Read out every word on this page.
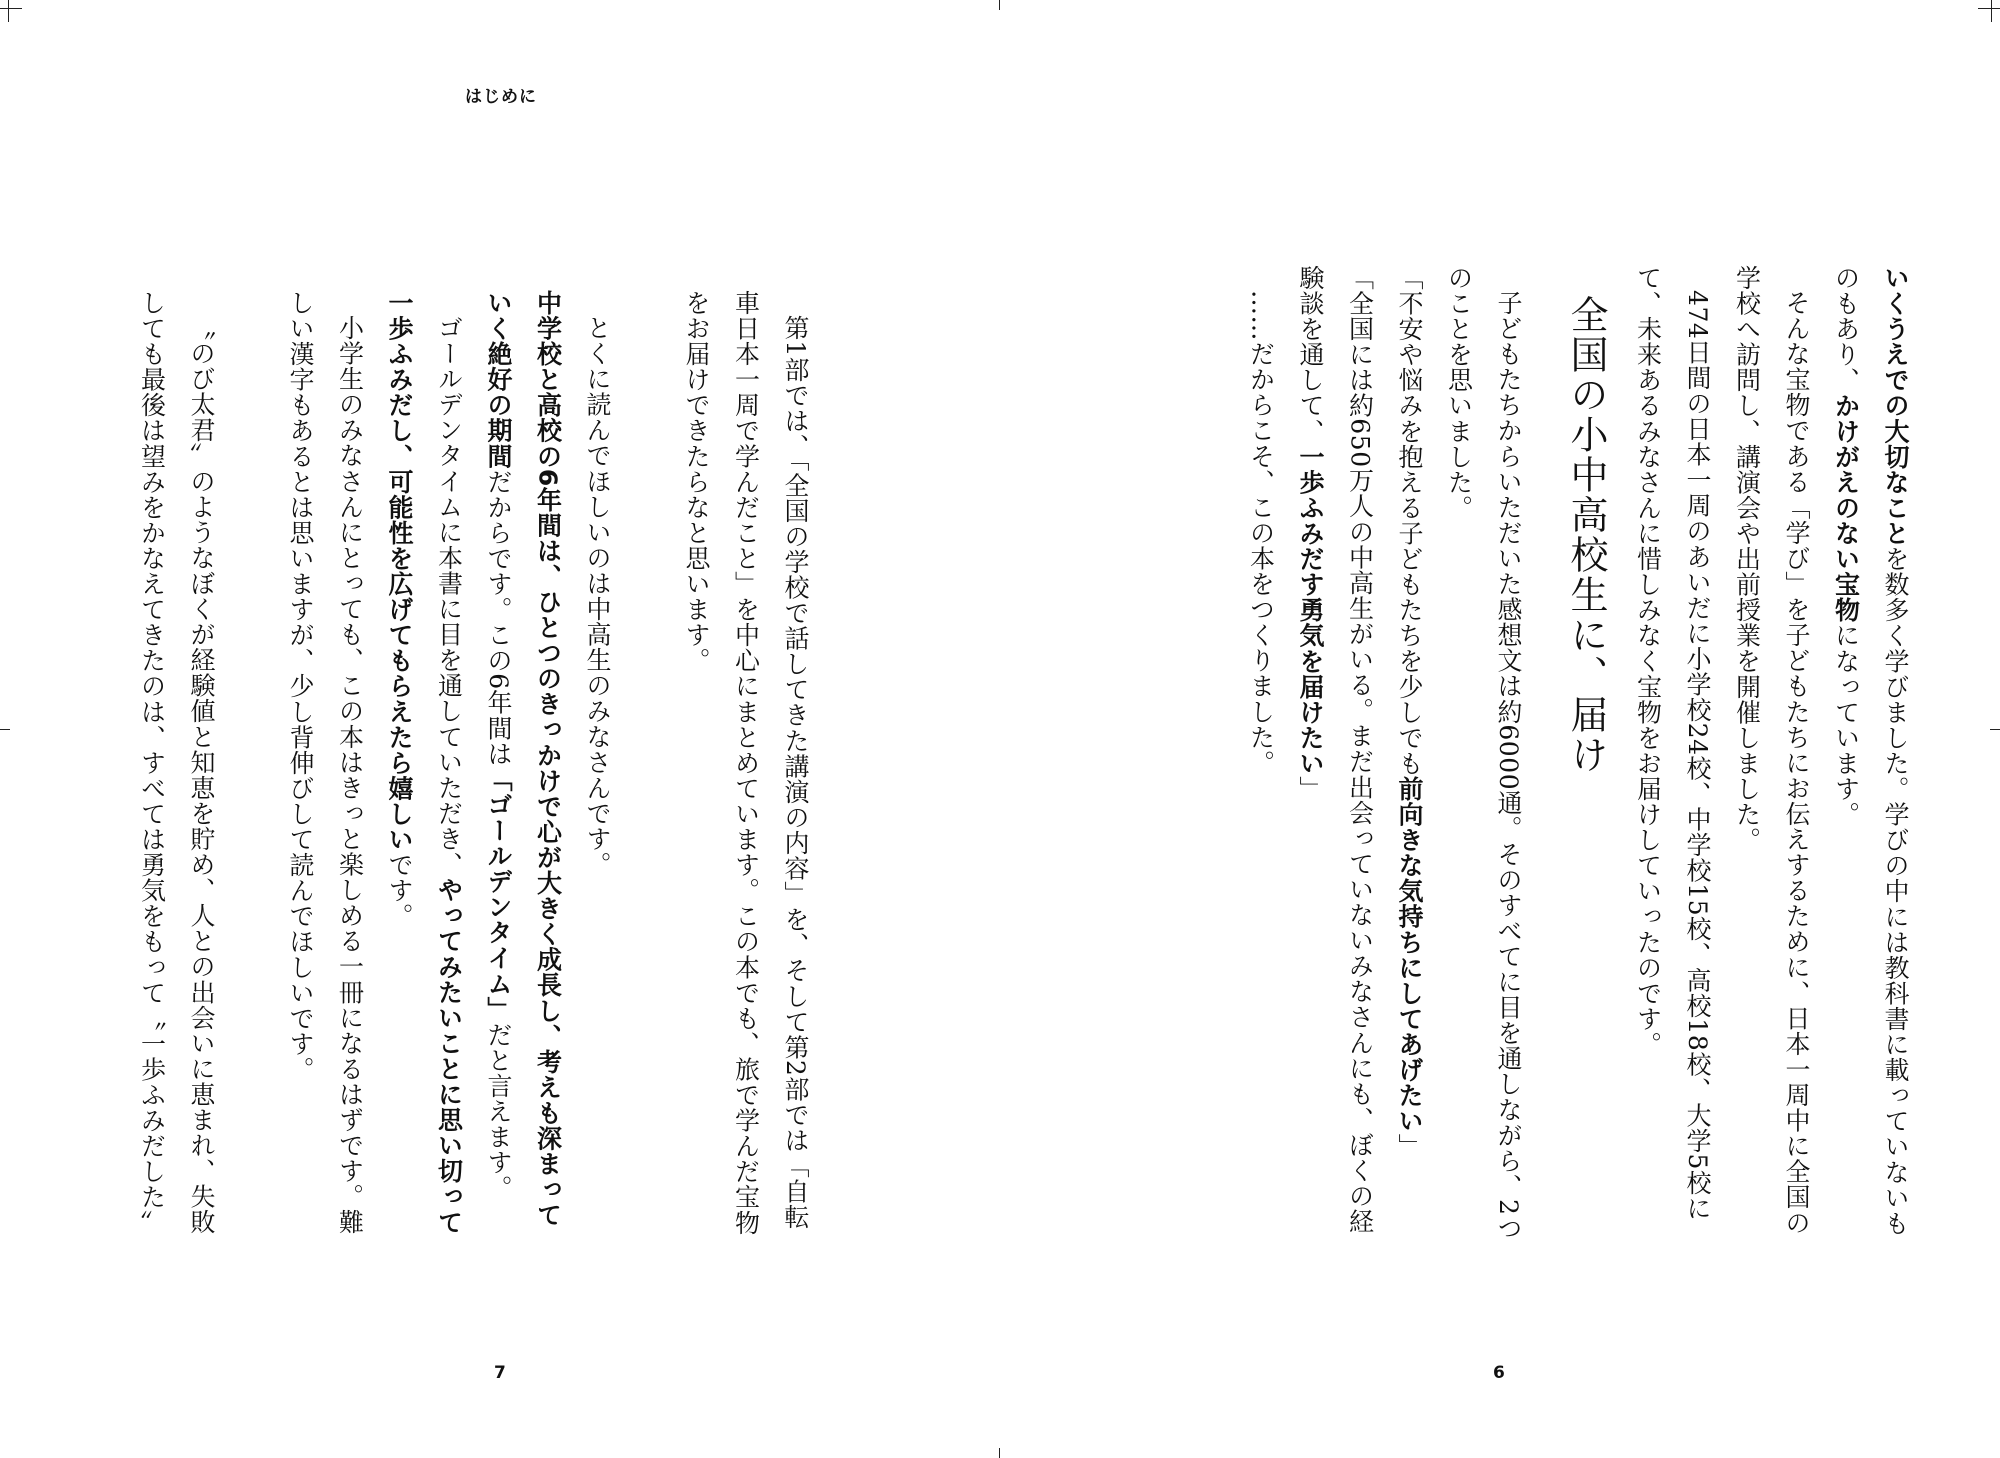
はじめに

第1部では、「全国の学校で話してきた講演の内容」を、そして第2部では「自転車日本一周で学んだこと」を中心にまとめています。この本でも、旅で学んだ宝物をお届けできたらなと思います。

とくに読んでほしいのは中高生のみなさんです。

中学校と高校の6年間は、ひとつのきっかけで心が大きく成長し、考えも深まっていく絶好の期間だからです。この6年間は「ゴールデンタイム」だと言えます。

ゴールデンタイムに本書に目を通していただき、やってみたいことに思い切って一歩ふみだし、可能性を広げてもらえたら嬉しいです。

小学生のみなさんにとっても、この本はきっと楽しめる一冊になるはずです。難しい漢字もあるとは思いますが、少し背伸びして読んでほしいです。

〝のび太君〟のようなぼくが経験値と知恵を貯め、人との出会いに恵まれ、失敗しても最後は望みをかなえてきたのは、すべては勇気をもって〝一歩ふみだした〟

7

いくうえでの大切なことを数多く学びました。学びの中には教科書に載っていないものもあり、かけがえのない宝物になっています。

そんな宝物である「学び」を子どもたちにお伝えするために、日本一周中に全国の学校へ訪問し、講演会や出前授業を開催しました。

474日間の日本一周のあいだに小学校24校、中学校15校、高校18校、大学5校にて、未来あるみなさんに惜しみなく宝物をお届けしていったのです。

全国の小中高校生に、届け

子どもたちからいただいた感想文は約6000通。そのすべてに目を通しながら、2つのことを思いました。

「不安や悩みを抱える子どもたちを少しでも前向きな気持ちにしてあげたい」

「全国には約650万人の中高生がいる。まだ出会っていないみなさんにも、ぼくの経験談を通して、一歩ふみだす勇気を届けたい」

……だからこそ、この本をつくりました。

6
